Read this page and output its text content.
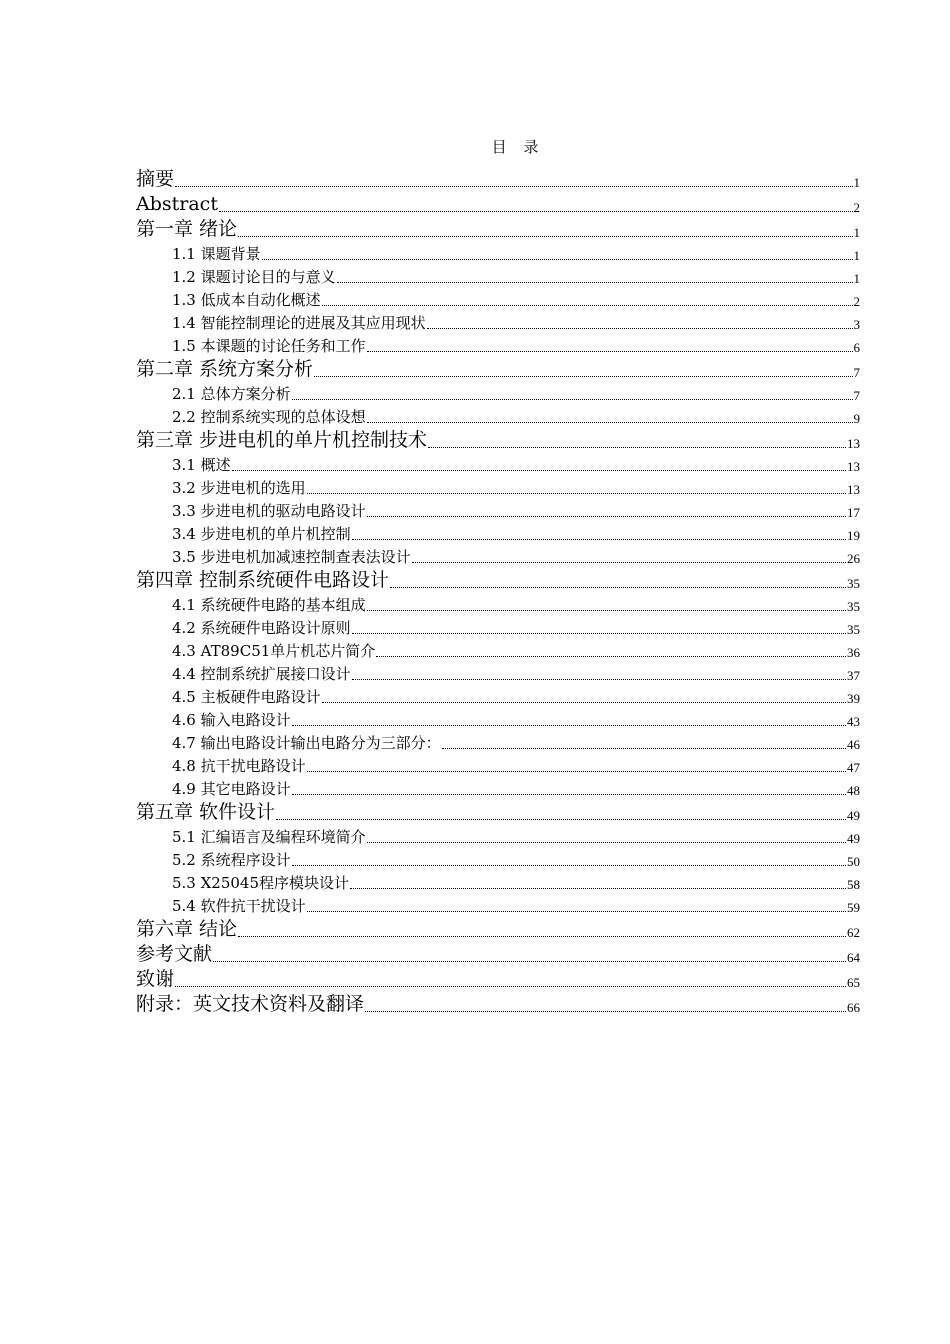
目 录
摘要	1
Abstract	2
第一章 绪论	1
1.1 课题背景	1
1.2 课题讨论目的与意义	1
1.3 低成本自动化概述	2
1.4 智能控制理论的进展及其应用现状	3
1.5 本课题的讨论任务和工作	6
第二章 系统方案分析	7
2.1 总体方案分析	7
2.2 控制系统实现的总体设想	9
第三章 步进电机的单片机控制技术	13
3.1 概述	13
3.2 步进电机的选用	13
3.3 步进电机的驱动电路设计	17
3.4 步进电机的单片机控制	19
3.5 步进电机加减速控制查表法设计	26
第四章 控制系统硬件电路设计	35
4.1 系统硬件电路的基本组成	35
4.2 系统硬件电路设计原则	35
4.3 AT89C51单片机芯片简介	36
4.4 控制系统扩展接口设计	37
4.5 主板硬件电路设计	39
4.6 输入电路设计	43
4.7 输出电路设计输出电路分为三部分：	46
4.8 抗干扰电路设计	47
4.9 其它电路设计	48
第五章 软件设计	49
5.1 汇编语言及编程环境简介	49
5.2 系统程序设计	50
5.3 X25045程序模块设计	58
5.4 软件抗干扰设计	59
第六章 结论	62
参考文献	64
致谢	65
附录：英文技术资料及翻译	66
